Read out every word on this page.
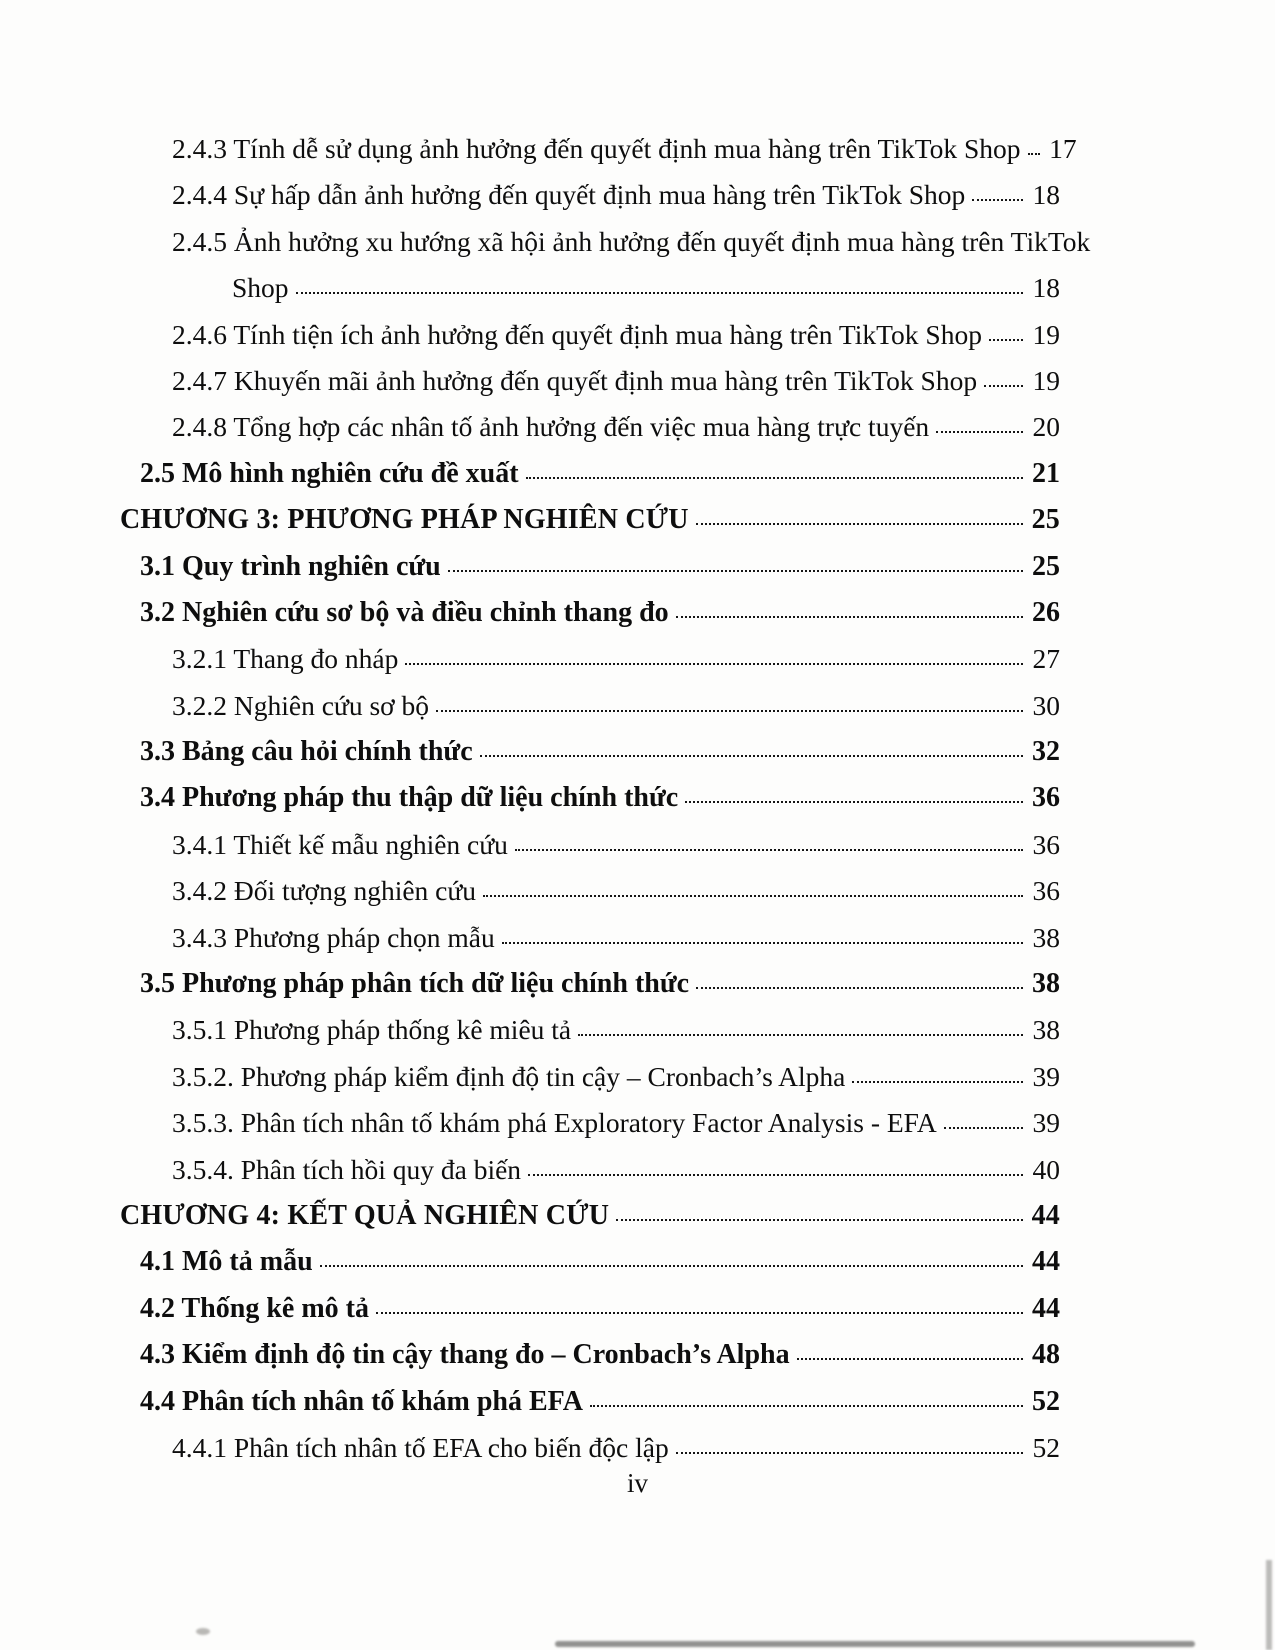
2.4.3 Tính dễ sử dụng ảnh hưởng đến quyết định mua hàng trên TikTok Shop 17
2.4.4 Sự hấp dẫn ảnh hưởng đến quyết định mua hàng trên TikTok Shop 18
2.4.5 Ảnh hưởng xu hướng xã hội ảnh hưởng đến quyết định mua hàng trên TikTok
Shop	18
2.4.6 Tính tiện ích ảnh hưởng đến quyết định mua hàng trên TikTok Shop 19
2.4.7 Khuyến mãi ảnh hưởng đến quyết định mua hàng trên TikTok Shop 19
2.4.8 Tổng hợp các nhân tố ảnh hưởng đến việc mua hàng trực tuyến	20
2.5 Mô hình nghiên cứu đề xuất	21
CHƯƠNG 3: PHƯƠNG PHÁP NGHIÊN CỨU	25
3.1 Quy trình nghiên cứu	25
3.2 Nghiên cứu sơ bộ và điều chỉnh thang đo	26
3.2.1 Thang đo nháp	27
3.2.2 Nghiên cứu sơ bộ	30
3.3 Bảng câu hỏi chính thức	32
3.4 Phương pháp thu thập dữ liệu chính thức	36
3.4.1 Thiết kế mẫu nghiên cứu	36
3.4.2 Đối tượng nghiên cứu	36
3.4.3 Phương pháp chọn mẫu	38
3.5 Phương pháp phân tích dữ liệu chính thức	38
3.5.1 Phương pháp thống kê miêu tả	38
3.5.2. Phương pháp kiểm định độ tin cậy – Cronbach’s Alpha	39
3.5.3. Phân tích nhân tố khám phá Exploratory Factor Analysis - EFA	39
3.5.4. Phân tích hồi quy đa biến	40
CHƯƠNG 4: KẾT QUẢ NGHIÊN CỨU	44
4.1 Mô tả mẫu	44
4.2 Thống kê mô tả	44
4.3 Kiểm định độ tin cậy thang đo – Cronbach’s Alpha	48
4.4 Phân tích nhân tố khám phá EFA	52
4.4.1 Phân tích nhân tố EFA cho biến độc lập	52
iv
